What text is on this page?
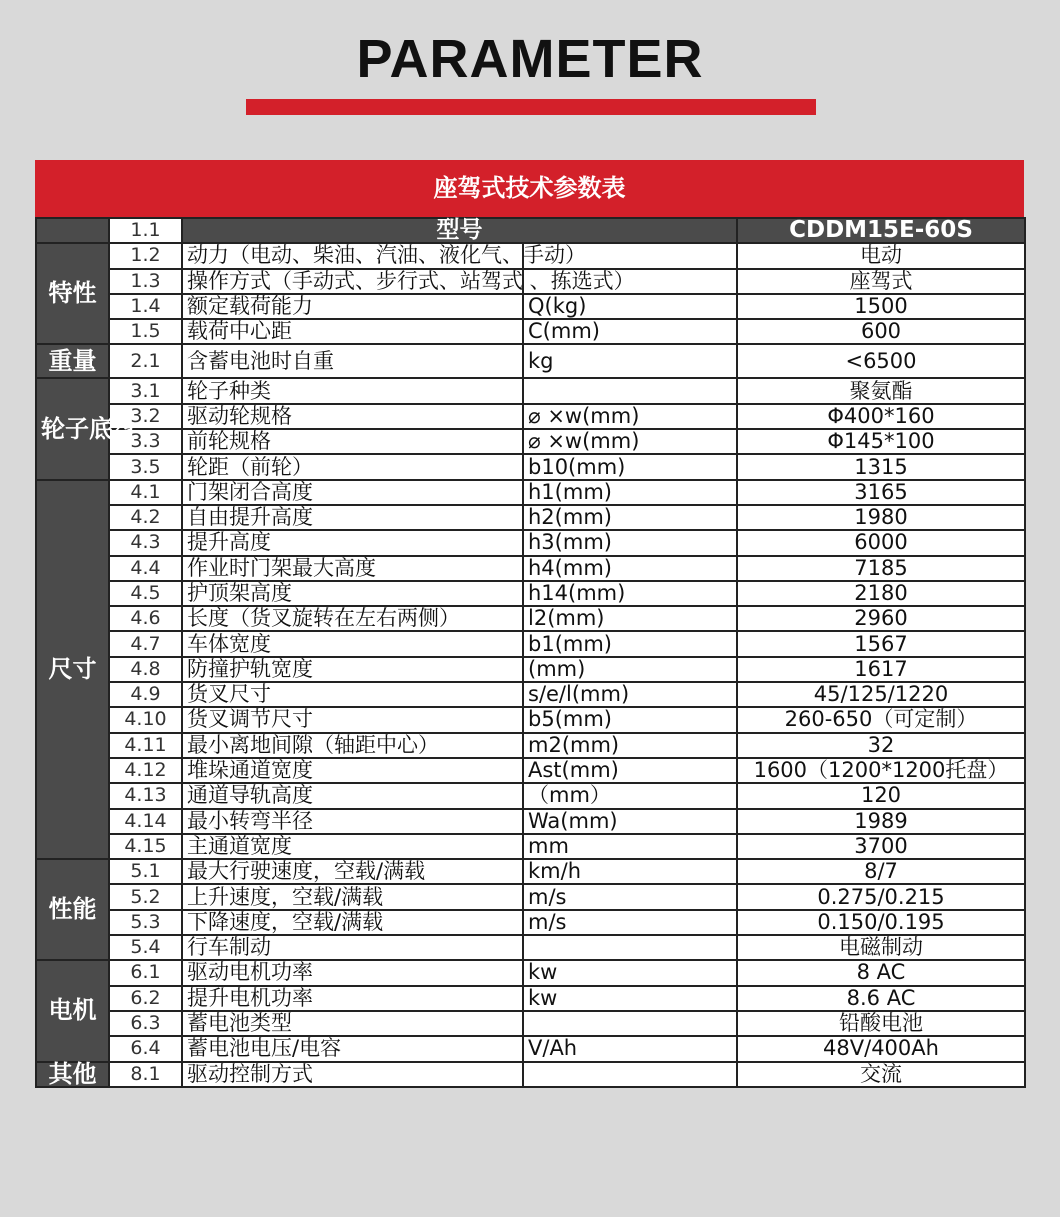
PARAMETER
座驾式技术参数表
	1.1	型号		CDDM15E-60S
特性	1.2	动力（电动、柴油、汽油、液化气、手动）		电动
	1.3	操作方式（手动式、步行式、站驾式 、拣选式）		座驾式
	1.4	额定载荷能力	Q(kg)	1500
	1.5	载荷中心距	C(mm)	600
重量	2.1	含蓄电池时自重	kg	<6500
轮子底盘	3.1	轮子种类		聚氨酯
	3.2	驱动轮规格	⌀ ×w(mm)	Φ400*160
	3.3	前轮规格	⌀ ×w(mm)	Φ145*100
	3.5	轮距（前轮）	b10(mm)	1315
尺寸	4.1	门架闭合高度	h1(mm)	3165
	4.2	自由提升高度	h2(mm)	1980
	4.3	提升高度	h3(mm)	6000
	4.4	作业时门架最大高度	h4(mm)	7185
	4.5	护顶架高度	h14(mm)	2180
	4.6	长度（货叉旋转在左右两侧）	l2(mm)	2960
	4.7	车体宽度	b1(mm)	1567
	4.8	防撞护轨宽度	(mm)	1617
	4.9	货叉尺寸	s/e/l(mm)	45/125/1220
	4.10	货叉调节尺寸	b5(mm)	260-650（可定制）
	4.11	最小离地间隙（轴距中心）	m2(mm)	32
	4.12	堆垛通道宽度	Ast(mm)	1600（1200*1200托盘）
	4.13	通道导轨高度	（mm）	120
	4.14	最小转弯半径	Wa(mm)	1989
	4.15	主通道宽度	mm	3700
性能	5.1	最大行驶速度，空载/满载	km/h	8/7
	5.2	上升速度，空载/满载	m/s	0.275/0.215
	5.3	下降速度，空载/满载	m/s	0.150/0.195
	5.4	行车制动		电磁制动
电机	6.1	驱动电机功率	kw	8 AC
	6.2	提升电机功率	kw	8.6 AC
	6.3	蓄电池类型		铅酸电池
	6.4	蓄电池电压/电容	V/Ah	48V/400Ah
其他	8.1	驱动控制方式		交流
